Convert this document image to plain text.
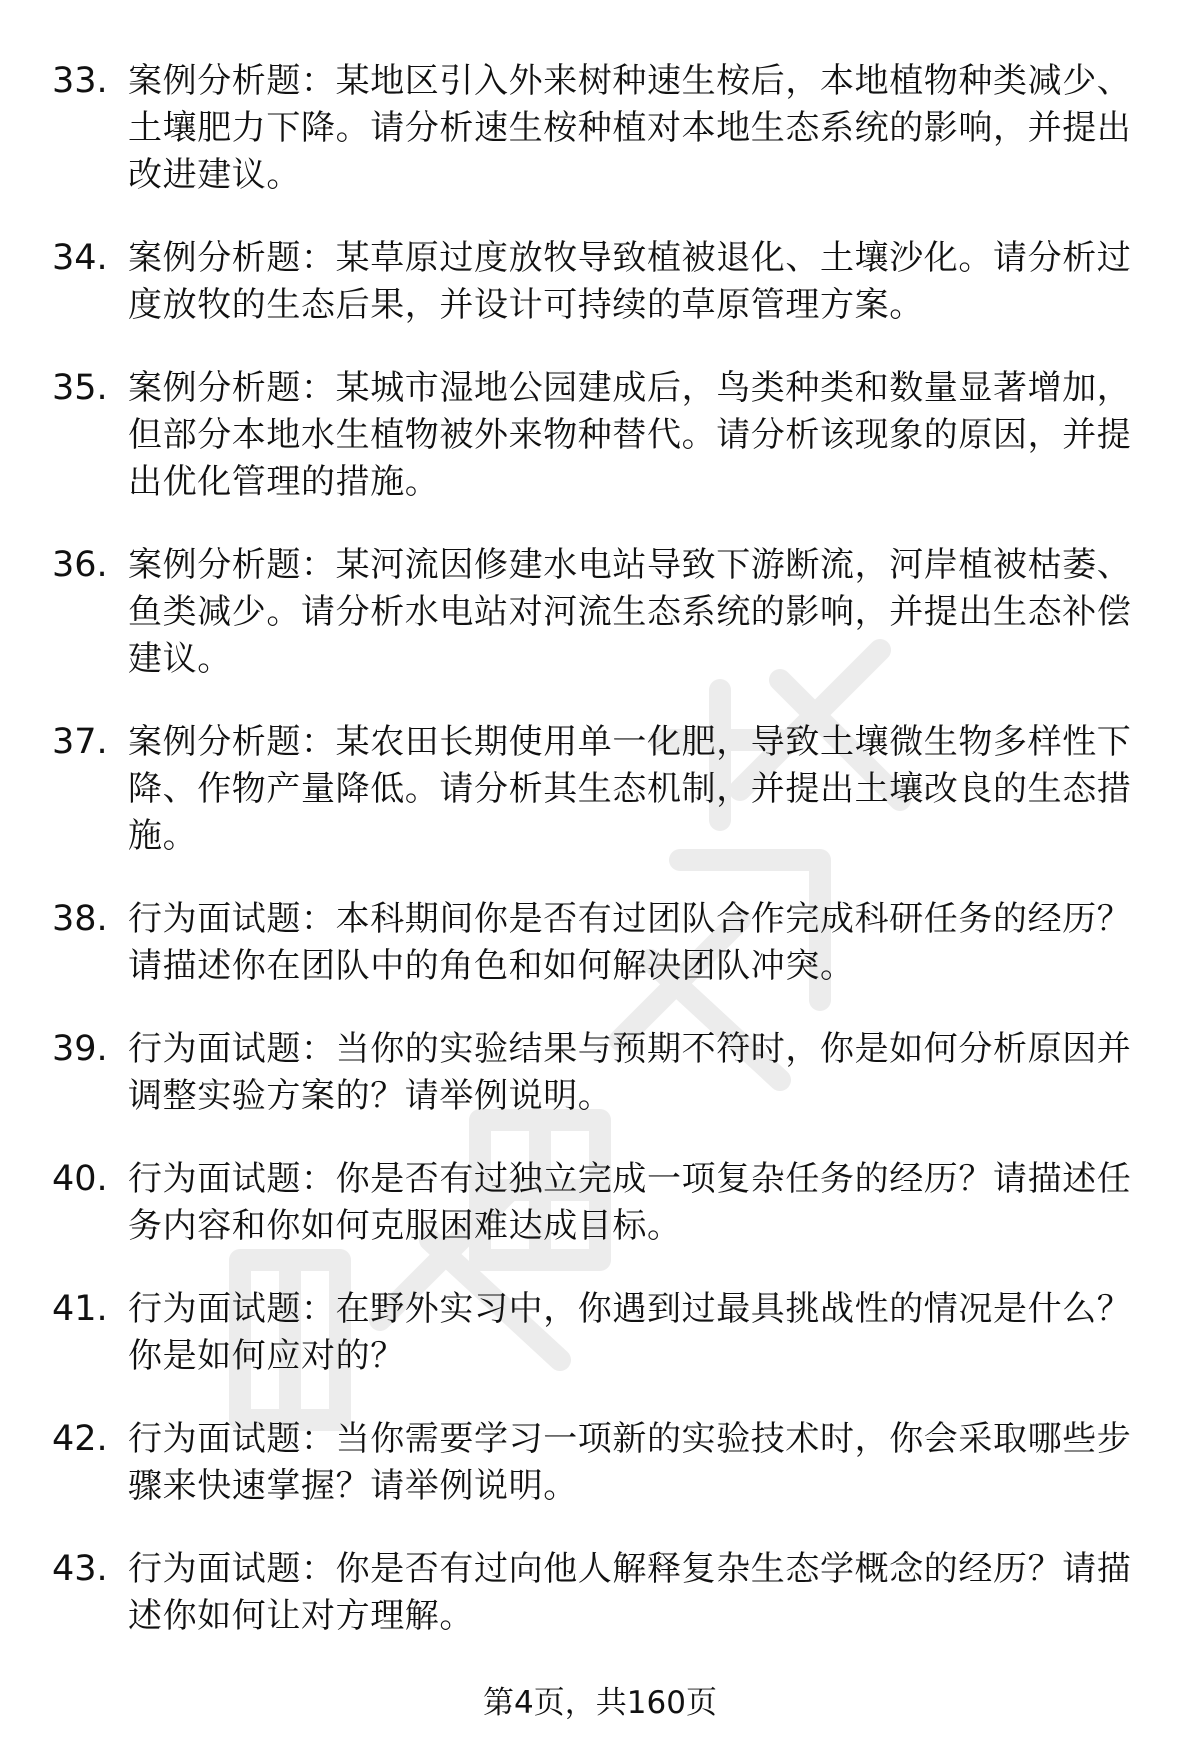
33. 案例分析题：某地区引入外来树种速生桉后，本地植物种类减少、土壤肥力下降。请分析速生桉种植对本地生态系统的影响，并提出改进建议。
34. 案例分析题：某草原过度放牧导致植被退化、土壤沙化。请分析过度放牧的生态后果，并设计可持续的草原管理方案。
35. 案例分析题：某城市湿地公园建成后，鸟类种类和数量显著增加，但部分本地水生植物被外来物种替代。请分析该现象的原因，并提出优化管理的措施。
36. 案例分析题：某河流因修建水电站导致下游断流，河岸植被枯萎、鱼类减少。请分析水电站对河流生态系统的影响，并提出生态补偿建议。
37. 案例分析题：某农田长期使用单一化肥，导致土壤微生物多样性下降、作物产量降低。请分析其生态机制，并提出土壤改良的生态措施。
38. 行为面试题：本科期间你是否有过团队合作完成科研任务的经历？请描述你在团队中的角色和如何解决团队冲突。
39. 行为面试题：当你的实验结果与预期不符时，你是如何分析原因并调整实验方案的？请举例说明。
40. 行为面试题：你是否有过独立完成一项复杂任务的经历？请描述任务内容和你如何克服困难达成目标。
41. 行为面试题：在野外实习中，你遇到过最具挑战性的情况是什么？你是如何应对的？
42. 行为面试题：当你需要学习一项新的实验技术时，你会采取哪些步骤来快速掌握？请举例说明。
43. 行为面试题：你是否有过向他人解释复杂生态学概念的经历？请描述你如何让对方理解。
第4页，共160页
